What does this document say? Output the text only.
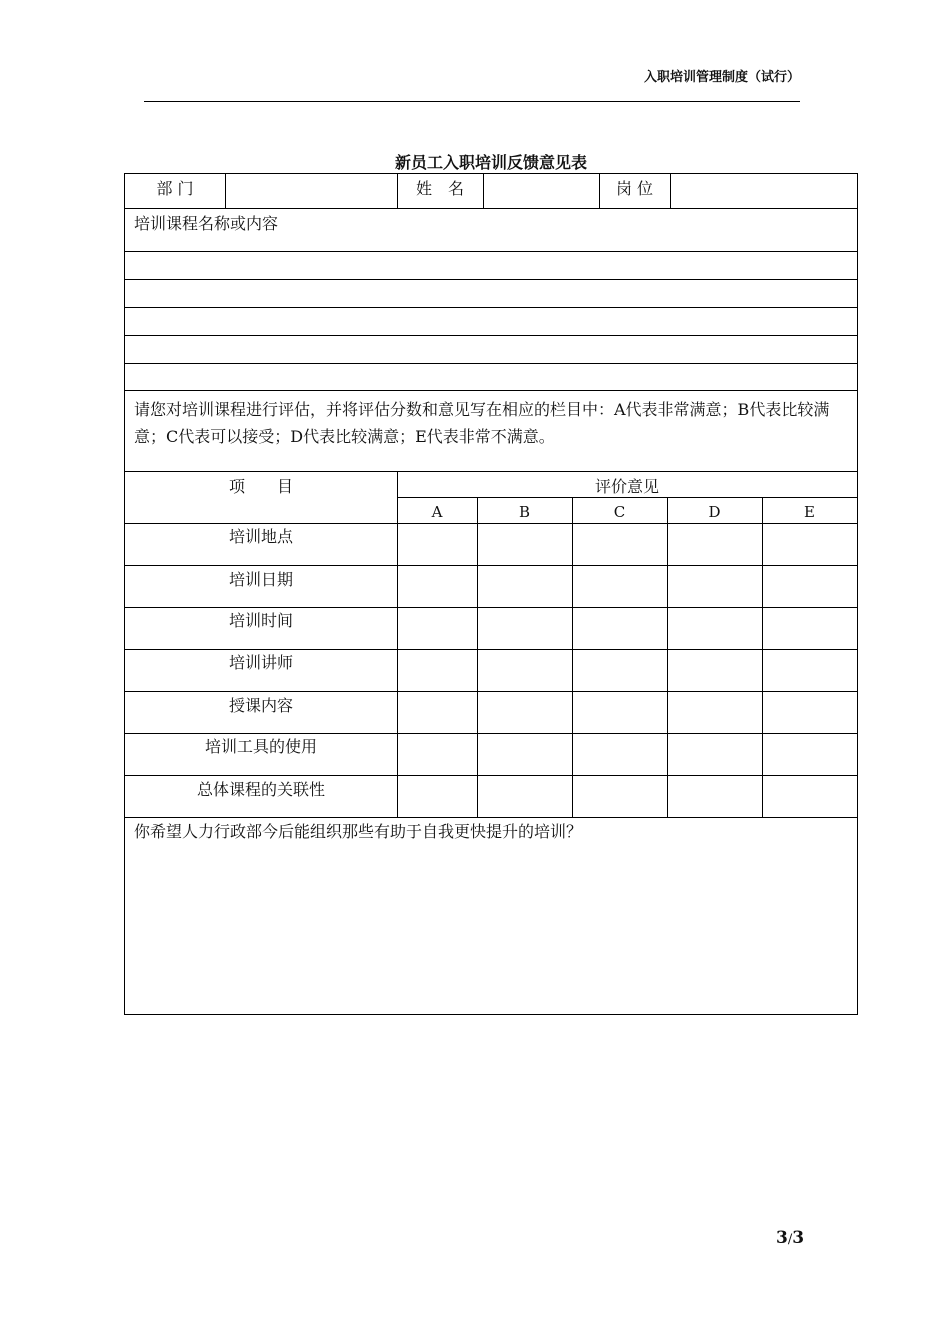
入职培训管理制度（试行）
新员工入职培训反馈意见表
部 门	姓　名	岗 位
培训课程名称或内容
请您对培训课程进行评估，并将评估分数和意见写在相应的栏目中：A代表非常满意；B代表比较满意；C代表可以接受；D代表比较满意；E代表非常不满意。
项　　目	评价意见
A	B	C	D	E
培训地点
培训日期
培训时间
培训讲师
授课内容
培训工具的使用
总体课程的关联性
你希望人力行政部今后能组织那些有助于自我更快提升的培训？
3/3
